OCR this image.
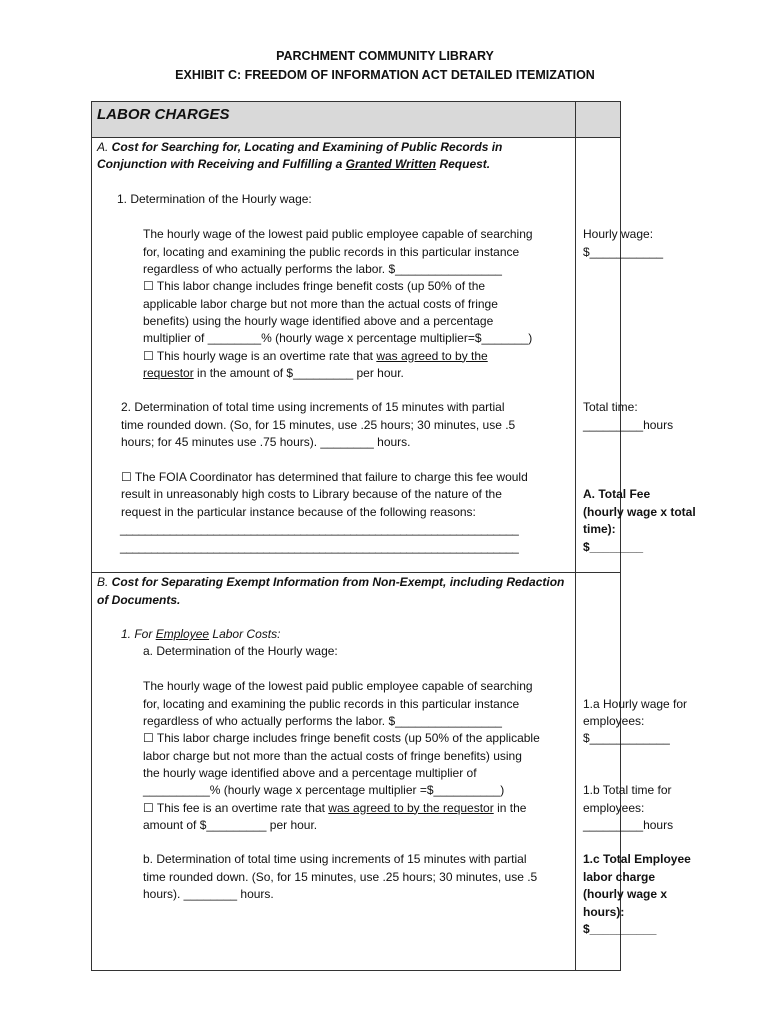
PARCHMENT COMMUNITY LIBRARY
EXHIBIT C: FREEDOM OF INFORMATION ACT DETAILED ITEMIZATION
LABOR CHARGES
A. Cost for Searching for, Locating and Examining of Public Records in
Conjunction with Receiving and Fulfilling a Granted Written Request.
1. Determination of the Hourly wage:
The hourly wage of the lowest paid public employee capable of searching
for, locating and examining the public records in this particular instance
regardless of who actually performs the labor. $________________
☐ This labor change includes fringe benefit costs (up 50% of the
applicable labor charge but not more than the actual costs of fringe
benefits) using the hourly wage identified above and a percentage
multiplier of ________% (hourly wage x percentage multiplier=$_______)
☐ This hourly wage is an overtime rate that was agreed to by the
requestor in the amount of $_________ per hour.
2. Determination of total time using increments of 15 minutes with partial
time rounded down. (So, for 15 minutes, use .25 hours; 30 minutes, use .5
hours; for 45 minutes use .75 hours). ________ hours.
☐ The FOIA Coordinator has determined that failure to charge this fee would
result in unreasonably high costs to Library because of the nature of the
request in the particular instance because of the following reasons:
________________________________________________________________
________________________________________________________________
Hourly wage:
$___________
Total time:
_________hours
A. Total Fee
(hourly wage x total
time):
$________
B. Cost for Separating Exempt Information from Non-Exempt, including Redaction
of Documents.
1. For Employee Labor Costs:
a. Determination of the Hourly wage:
The hourly wage of the lowest paid public employee capable of searching
for, locating and examining the public records in this particular instance
regardless of who actually performs the labor. $________________
☐ This labor charge includes fringe benefit costs (up 50% of the applicable
labor charge but not more than the actual costs of fringe benefits) using
the hourly wage identified above and a percentage multiplier of
__________% (hourly wage x percentage multiplier =$__________)
☐ This fee is an overtime rate that was agreed to by the requestor in the
amount of $_________ per hour.
b. Determination of total time using increments of 15 minutes with partial
time rounded down. (So, for 15 minutes, use .25 hours; 30 minutes, use .5
hours). ________ hours.
1.a Hourly wage for
employees:
$____________
1.b Total time for
employees:
_________hours
1.c Total Employee
labor charge
(hourly wage x
hours):
$__________
